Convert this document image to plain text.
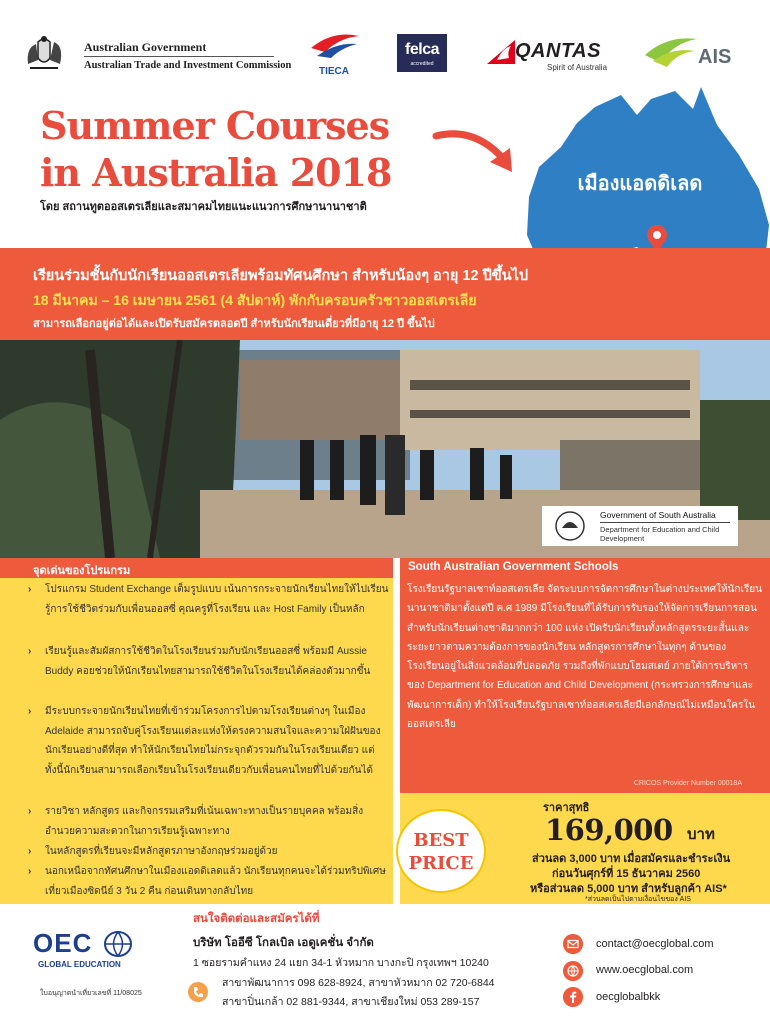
Australian Government
Australian Trade and Investment Commission
TIECA
felca
accredited
QANTAS
Spirit of Australia	AIS
Summer Courses
in Australia 2018
โดย สถานทูตออสเตรเลียและสมาคมไทยแนะแนวการศึกษานานาชาติ
เมืองแอดดิเลด
เรียนร่วมชั้นกับนักเรียนออสเตรเลียพร้อมทัศนศึกษา สำหรับน้องๆ อายุ 12 ปีขึ้นไป
18 มีนาคม – 16 เมษายน 2561 (4 สัปดาห์) พักกับครอบครัวชาวออสเตรเลีย
สามารถเลือกอยู่ต่อได้และเปิดรับสมัครตลอดปี สำหรับนักเรียนเดี่ยวที่มีอายุ 12 ปี ขึ้นไป
Government of South Australia
Department for Education and Child Development
จุดเด่นของโปรแกรม	South Australian Government Schools
›	โปรแกรม Student Exchange เต็มรูปแบบ เน้นการกระจายนักเรียนไทยให้ไปเรียนรู้การใช้ชีวิตร่วมกับเพื่อนออสซี่ คุณครูที่โรงเรียน และ Host Family เป็นหลัก
›	เรียนรู้และสัมผัสการใช้ชีวิตในโรงเรียนร่วมกับนักเรียนออสซี่ พร้อมมี Aussie Buddy คอยช่วยให้นักเรียนไทยสามารถใช้ชีวิตในโรงเรียนได้คล่องตัวมากขึ้น
›	มีระบบกระจายนักเรียนไทยที่เข้าร่วมโครงการไปตามโรงเรียนต่างๆ ในเมือง Adelaide สามารถจับคู่โรงเรียนแต่ละแห่งให้ตรงความสนใจและความใฝ่ฝันของนักเรียนอย่างดีที่สุด ทำให้นักเรียนไทยไม่กระจุกตัวรวมกันในโรงเรียนเดียว แต่ทั้งนี้นักเรียนสามารถเลือกเรียนในโรงเรียนเดียวกับเพื่อนคนไทยที่ไปด้วยกันได้
›	รายวิชา หลักสูตร และกิจกรรมเสริมที่เน้นเฉพาะทางเป็นรายบุคคล พร้อมสิ่งอำนวยความสะดวกในการเรียนรู้เฉพาะทาง
›	ในหลักสูตรที่เรียนจะมีหลักสูตรภาษาอังกฤษร่วมอยู่ด้วย
›	นอกเหนือจากทัศนศึกษาในเมืองแอดดิเลดแล้ว นักเรียนทุกคนจะได้ร่วมทริปพิเศษเที่ยวเมืองซิดนีย์ 3 วัน 2 คืน ก่อนเดินทางกลับไทย
โรงเรียนรัฐบาลเซาท์ออสเตรเลีย จัดระบบการจัดการศึกษาในต่างประเทศให้นักเรียนนานาชาติมาตั้งแต่ปี ค.ศ 1989 มีโรงเรียนที่ได้รับการรับรองให้จัดการเรียนการสอนสำหรับนักเรียนต่างชาติมากกว่า 100 แห่ง เปิดรับนักเรียนทั้งหลักสูตรระยะสั้นและระยะยาวตามความต้องการของนักเรียน หลักสูตรการศึกษาในทุกๆ ด้านของโรงเรียนอยู่ในสิ่งแวดล้อมที่ปลอดภัย รวมถึงที่พักแบบโฮมสเตย์ ภายใต้การบริหารของ Department for Education and Child Development (กระทรวงการศึกษาและพัฒนาการเด็ก) ทำให้โรงเรียนรัฐบาลเซาท์ออสเตรเลียมีเอกลักษณ์ไม่เหมือนใครในออสเตรเลีย
CRICOS Provider Number 00018A
BEST
PRICE
ราคาสุทธิ
169,000 บาท
ส่วนลด 3,000 บาท เมื่อสมัครและชำระเงิน
ก่อนวันศุกร์ที่ 15 ธันวาคม 2560
หรือส่วนลด 5,000 บาท สำหรับลูกค้า AIS*
*ส่วนลดเป็นไปตามเงื่อนไขของ AIS
OEC
GLOBAL EDUCATION
ใบอนุญาตนำเที่ยวเลขที่ 11/08025
สนใจติดต่อและสมัครได้ที่
บริษัท โออีซี โกลเบิล เอดูเคชั่น จำกัด
1 ซอยรามคำแหง 24 แยก 34-1 หัวหมาก บางกะปิ กรุงเทพฯ 10240
สาขาพัฒนาการ 098 628-8924, สาขาหัวหมาก 02 720-6844
สาขาปิ่นเกล้า 02 881-9344, สาขาเชียงใหม่ 053 289-157
contact@oecglobal.com
www.oecglobal.com
oecglobalbkk
